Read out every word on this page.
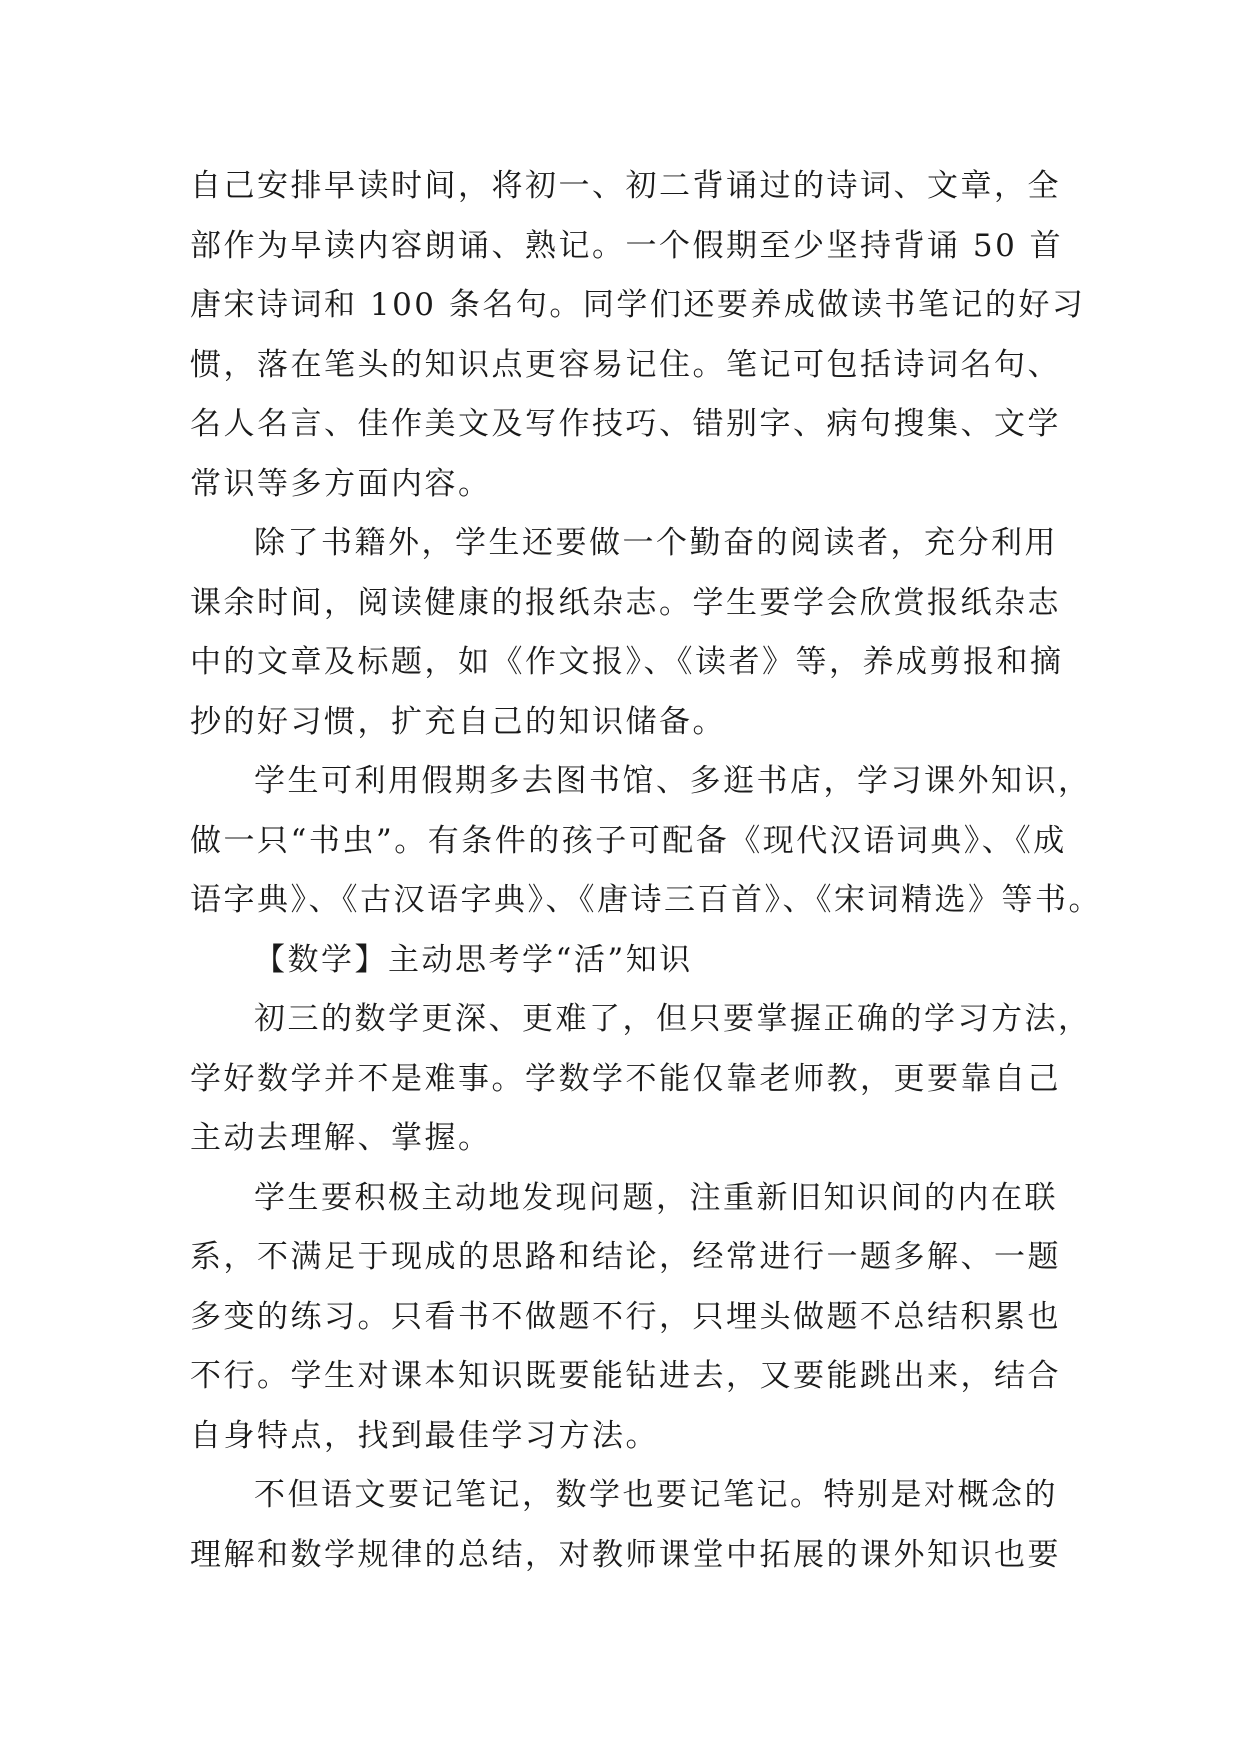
自己安排早读时间，将初一、初二背诵过的诗词、文章，全
部作为早读内容朗诵、熟记。一个假期至少坚持背诵 50 首
唐宋诗词和 100 条名句。同学们还要养成做读书笔记的好习
惯，落在笔头的知识点更容易记住。笔记可包括诗词名句、
名人名言、佳作美文及写作技巧、错别字、病句搜集、文学
常识等多方面内容。
除了书籍外，学生还要做一个勤奋的阅读者，充分利用
课余时间，阅读健康的报纸杂志。学生要学会欣赏报纸杂志
中的文章及标题，如《作文报》、《读者》等，养成剪报和摘
抄的好习惯，扩充自己的知识储备。
学生可利用假期多去图书馆、多逛书店，学习课外知识，
做一只“书虫”。有条件的孩子可配备《现代汉语词典》、《成
语字典》、《古汉语字典》、《唐诗三百首》、《宋词精选》等书。
【数学】主动思考学“活”知识
初三的数学更深、更难了，但只要掌握正确的学习方法，
学好数学并不是难事。学数学不能仅靠老师教，更要靠自己
主动去理解、掌握。
学生要积极主动地发现问题，注重新旧知识间的内在联
系，不满足于现成的思路和结论，经常进行一题多解、一题
多变的练习。只看书不做题不行，只埋头做题不总结积累也
不行。学生对课本知识既要能钻进去，又要能跳出来，结合
自身特点，找到最佳学习方法。
不但语文要记笔记，数学也要记笔记。特别是对概念的
理解和数学规律的总结，对教师课堂中拓展的课外知识也要
